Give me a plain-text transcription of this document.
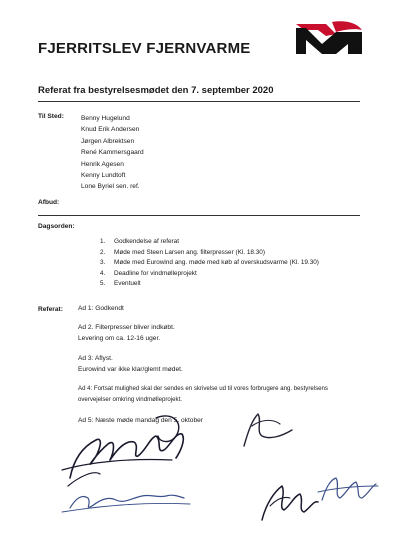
FJERRITSLEV FJERNVARME
Referat fra bestyrelsesmødet den 7. september 2020
Til Sted:	Benny Hugelund
Knud Erik Andersen
Jørgen Albrektsen
René Kammersgaard
Henrik Agesen
Kenny Lundtoft
Lone Byriel sen. ref.
Afbud:
Dagsorden:
1. Godkendelse af referat
2. Møde med Steen Larsen ang. filterpresser (Kl. 18.30)
3. Møde med Eurowind ang. møde med køb af overskudsvarme (Kl. 19.30)
4. Deadline for vindmølleprojekt
5. Eventuelt
Referat: Ad 1: Godkendt
Ad 2. Filterpresser bliver indkøbt.
Levering om ca. 12-16 uger.
Ad 3: Aflyst.
Eurowind var ikke klar/glemt mødet.
Ad 4: Fortsat mulighed skal der sendes en skrivelse ud til vores forbrugere ang. bestyrelsens
overvejelser omkring vindmølleprojekt.
Ad 5: Næste møde mandag den 5. oktober
